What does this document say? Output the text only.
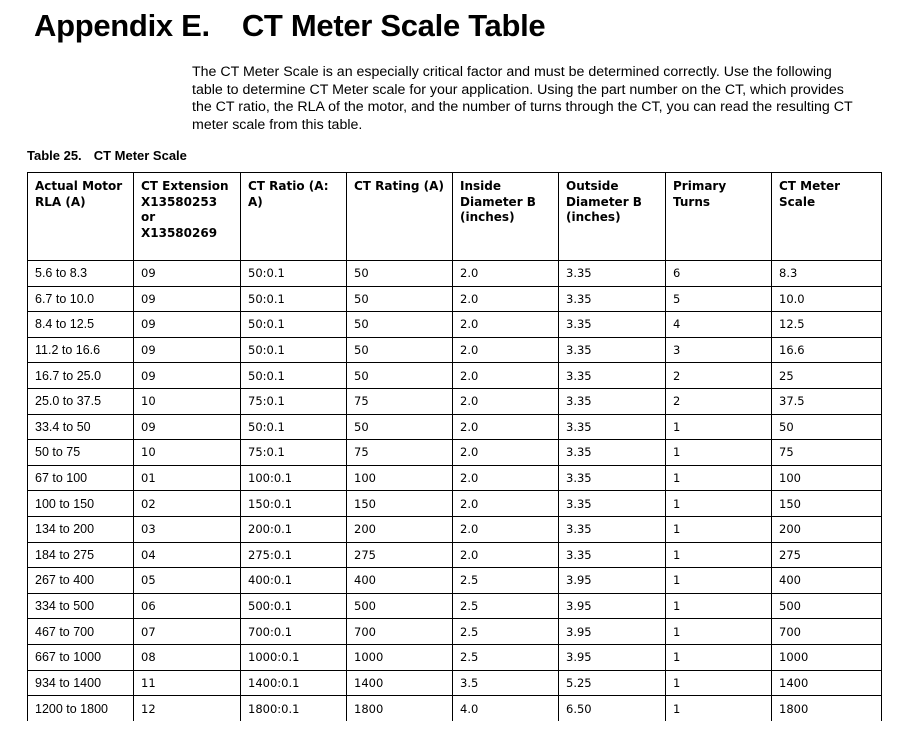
Appendix E. CT Meter Scale Table

The CT Meter Scale is an especially critical factor and must be determined correctly. Use the following table to determine CT Meter scale for your application. Using the part number on the CT, which provides the CT ratio, the RLA of the motor, and the number of turns through the CT, you can read the resulting CT meter scale from this table.

Table 25. CT Meter Scale
Actual Motor RLA (A)	CT Extension X13580253 or X13580269	CT Ratio (A: A)	CT Rating (A)	Inside Diameter B (inches)	Outside Diameter B (inches)	Primary Turns	CT Meter Scale
5.6 to 8.3	09	50:0.1	50	2.0	3.35	6	8.3
6.7 to 10.0	09	50:0.1	50	2.0	3.35	5	10.0
8.4 to 12.5	09	50:0.1	50	2.0	3.35	4	12.5
11.2 to 16.6	09	50:0.1	50	2.0	3.35	3	16.6
16.7 to 25.0	09	50:0.1	50	2.0	3.35	2	25
25.0 to 37.5	10	75:0.1	75	2.0	3.35	2	37.5
33.4 to 50	09	50:0.1	50	2.0	3.35	1	50
50 to 75	10	75:0.1	75	2.0	3.35	1	75
67 to 100	01	100:0.1	100	2.0	3.35	1	100
100 to 150	02	150:0.1	150	2.0	3.35	1	150
134 to 200	03	200:0.1	200	2.0	3.35	1	200
184 to 275	04	275:0.1	275	2.0	3.35	1	275
267 to 400	05	400:0.1	400	2.5	3.95	1	400
334 to 500	06	500:0.1	500	2.5	3.95	1	500
467 to 700	07	700:0.1	700	2.5	3.95	1	700
667 to 1000	08	1000:0.1	1000	2.5	3.95	1	1000
934 to 1400	11	1400:0.1	1400	3.5	5.25	1	1400
1200 to 1800	12	1800:0.1	1800	4.0	6.50	1	1800
